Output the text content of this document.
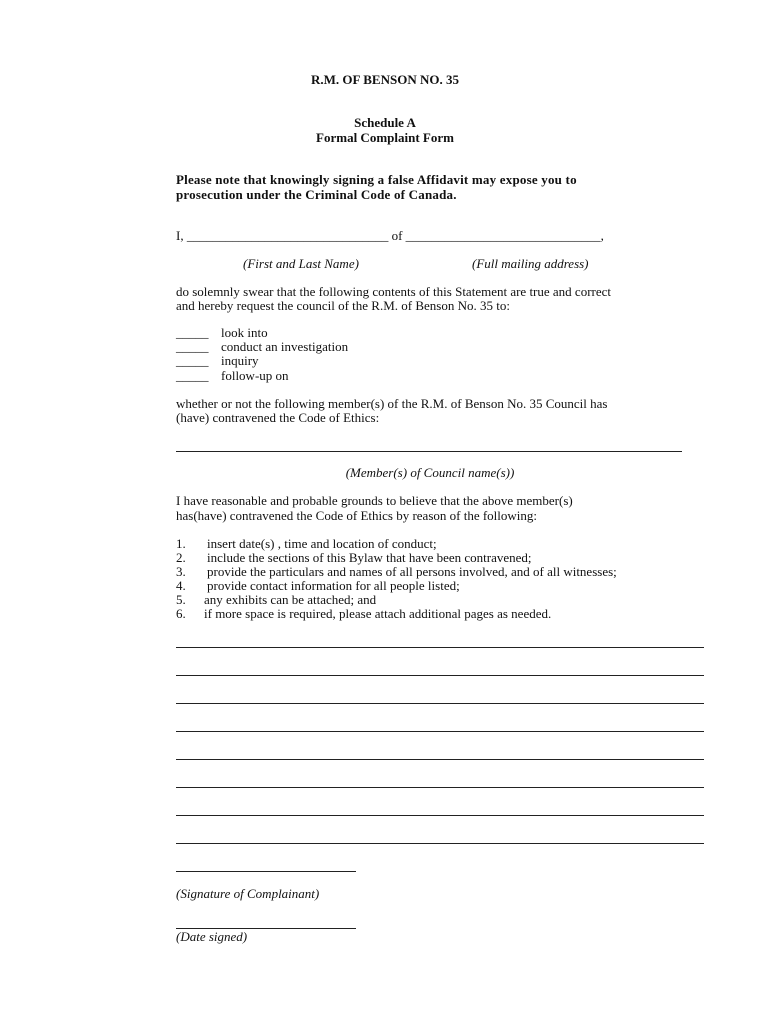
R.M. OF BENSON NO. 35
Schedule A
Formal Complaint Form
Please note that knowingly signing a false Affidavit may expose you to
prosecution under the Criminal Code of Canada.
I, _______________________________ of ______________________________,
(First and Last Name)	(Full mailing address)
do solemnly swear that the following contents of this Statement are true and correct
and hereby request the council of the R.M. of Benson No. 35 to:
_____ look into
_____ conduct an investigation
_____ inquiry
_____ follow-up on
whether or not the following member(s) of the R.M. of Benson No. 35 Council has
(have) contravened the Code of Ethics:
(Member(s) of Council name(s))
I have reasonable and probable grounds to believe that the above member(s)
has(have) contravened the Code of Ethics by reason of the following:
1. insert date(s) , time and location of conduct;
2. include the sections of this Bylaw that have been contravened;
3. provide the particulars and names of all persons involved, and of all witnesses;
4. provide contact information for all people listed;
5. any exhibits can be attached; and
6. if more space is required, please attach additional pages as needed.
(Signature of Complainant)
(Date signed)
